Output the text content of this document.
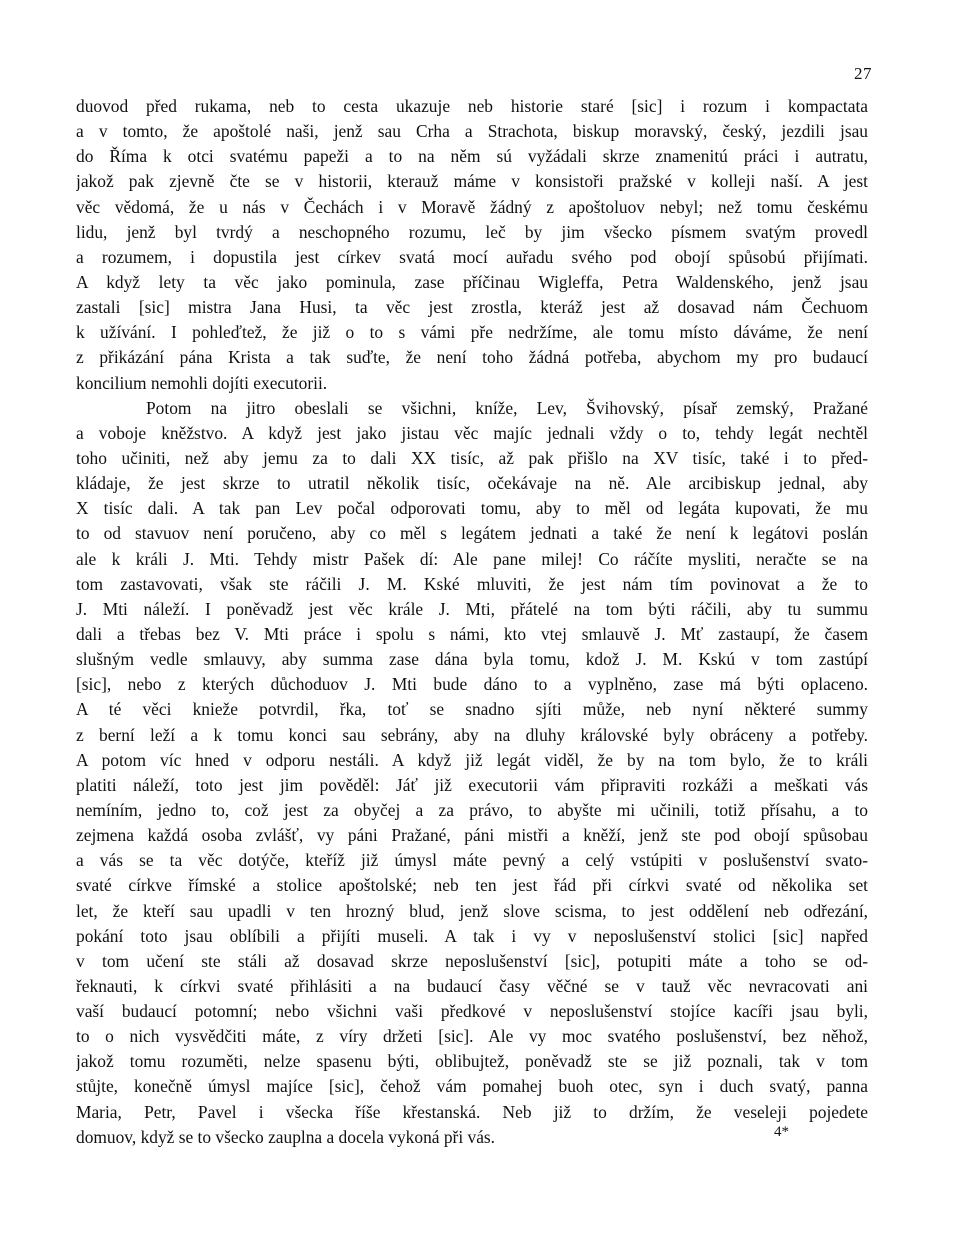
27
duovod před rukama, neb to cesta ukazuje neb historie staré [sic] i rozum i kompactata
a v tomto, že apoštolé naši, jenž sau Crha a Strachota, biskup moravský, český, jezdili jsau
do Říma k otci svatému papeži a to na něm sú vyžádali skrze znamenitú práci i autratu,
jakož pak zjevně čte se v historii, kterauž máme v konsistoři pražské v kolleji naší. A jest
věc vědomá, že u nás v Čechách i v Moravě žádný z apoštoluov nebyl; než tomu českému
lidu, jenž byl tvrdý a neschopného rozumu, leč by jim všecko písmem svatým provedl
a rozumem, i dopustila jest církev svatá mocí auřadu svého pod obojí spůsobú přijímati.
A když lety ta věc jako pominula, zase příčinau Wigleffa, Petra Waldenského, jenž jsau
zastali [sic] mistra Jana Husi, ta věc jest zrostla, kteráž jest až dosavad nám Čechuom
k užívání. I pohleďtež, že již o to s vámi pře nedržíme, ale tomu místo dáváme, že není
z přikázání pána Krista a tak suďte, že není toho žádná potřeba, abychom my pro budaucí
koncilium nemohli dojíti executorii.
Potom na jitro obeslali se všichni, kníže, Lev, Švihovský, písař zemský, Pražané
a voboje kněžstvo. A když jest jako jistau věc majíc jednali vždy o to, tehdy legát nechtěl
toho učiniti, než aby jemu za to dali XX tisíc, až pak přišlo na XV tisíc, také i to před-
kládaje, že jest skrze to utratil několik tisíc, očekávaje na ně. Ale arcibiskup jednal, aby
X tisíc dali. A tak pan Lev počal odporovati tomu, aby to měl od legáta kupovati, že mu
to od stavuov není poručeno, aby co měl s legátem jednati a také že není k legátovi poslán
ale k králi J. Mti. Tehdy mistr Pašek dí: Ale pane milej! Co ráčíte mysliti, neračte se na
tom zastavovati, však ste ráčili J. M. Kské mluviti, že jest nám tím povinovat a že to
J. Mti náleží. I poněvadž jest věc krále J. Mti, přátelé na tom býti ráčili, aby tu summu
dali a třebas bez V. Mti práce i spolu s námi, kto vtej smlauvě J. Mť zastaupí, že časem
slušným vedle smlauvy, aby summa zase dána byla tomu, kdož J. M. Kskú v tom zastúpí
[sic], nebo z kterých důchoduov J. Mti bude dáno to a vyplněno, zase má býti oplaceno.
A té věci knieže potvrdil, řka, toť se snadno sjíti může, neb nyní některé summy
z berní leží a k tomu konci sau sebrány, aby na dluhy královské byly obráceny a potřeby.
A potom víc hned v odporu nestáli. A když již legát viděl, že by na tom bylo, že to králi
platiti náleží, toto jest jim pověděl: Jáť již executorii vám připraviti rozkáži a meškati vás
nemíním, jedno to, což jest za obyčej a za právo, to abyšte mi učinili, totiž přísahu, a to
zejmena každá osoba zvlášť, vy páni Pražané, páni mistři a kněží, jenž ste pod obojí spůsobau
a vás se ta věc dotýče, kteříž již úmysl máte pevný a celý vstúpiti v poslušenství svato-
svaté církve římské a stolice apoštolské; neb ten jest řád při církvi svaté od několika set
let, že kteří sau upadli v ten hrozný blud, jenž slove scisma, to jest oddělení neb odřezání,
pokání toto jsau oblíbili a přijíti museli. A tak i vy v neposlušenství stolici [sic] napřed
v tom učení ste stáli až dosavad skrze neposlušenství [sic], potupiti máte a toho se od-
řeknauti, k církvi svaté přihlásiti a na budaucí časy věčné se v tauž věc nevracovati ani
vaší budaucí potomní; nebo všichni vaši předkové v neposlušenství stojíce kacíři jsau byli,
to o nich vysvědčiti máte, z víry držeti [sic]. Ale vy moc svatého poslušenství, bez něhož,
jakož tomu rozuměti, nelze spasenu býti, oblibujtež, poněvadž ste se již poznali, tak v tom
stůjte, konečně úmysl majíce [sic], čehož vám pomahej buoh otec, syn i duch svatý, panna
Maria, Petr, Pavel i všecka říše křestanská. Neb již to držím, že veseleji pojedete
domuov, když se to všecko zauplna a docela vykoná při vás.	4*
